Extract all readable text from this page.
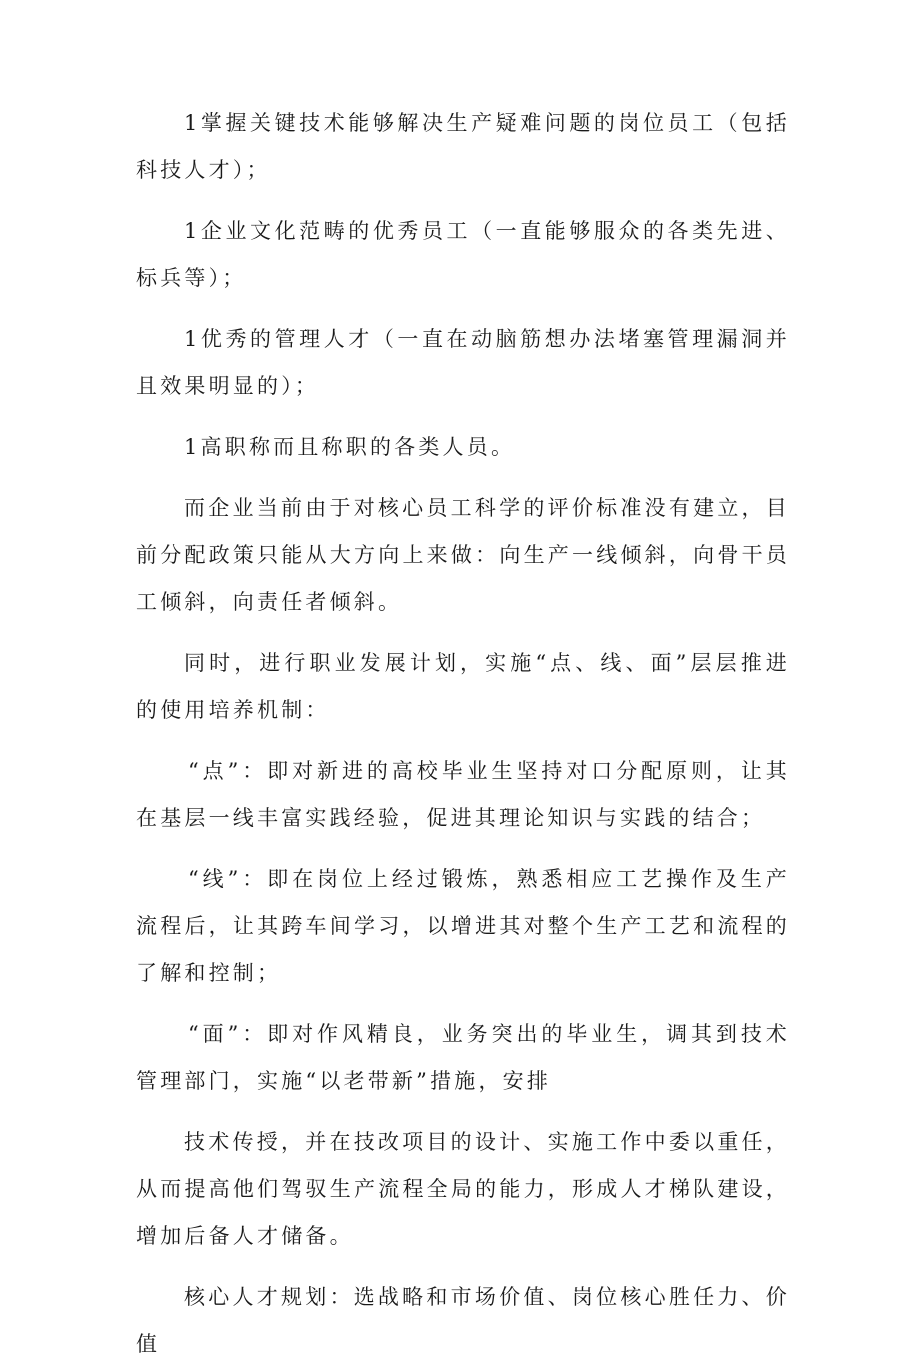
1掌握关键技术能够解决生产疑难问题的岗位员工（包括科技人才）；

1企业文化范畴的优秀员工（一直能够服众的各类先进、标兵等）；

1优秀的管理人才（一直在动脑筋想办法堵塞管理漏洞并且效果明显的）；

1高职称而且称职的各类人员。

而企业当前由于对核心员工科学的评价标准没有建立，目前分配政策只能从大方向上来做：向生产一线倾斜，向骨干员工倾斜，向责任者倾斜。

同时，进行职业发展计划，实施“点、线、面”层层推进的使用培养机制：

“点”：即对新进的高校毕业生坚持对口分配原则，让其在基层一线丰富实践经验，促进其理论知识与实践的结合；

“线”：即在岗位上经过锻炼，熟悉相应工艺操作及生产流程后，让其跨车间学习，以增进其对整个生产工艺和流程的了解和控制；

“面”：即对作风精良，业务突出的毕业生，调其到技术管理部门，实施“以老带新”措施，安排

技术传授，并在技改项目的设计、实施工作中委以重任，从而提高他们驾驭生产流程全局的能力，形成人才梯队建设，增加后备人才储备。

核心人才规划：选战略和市场价值、岗位核心胜任力、价值
